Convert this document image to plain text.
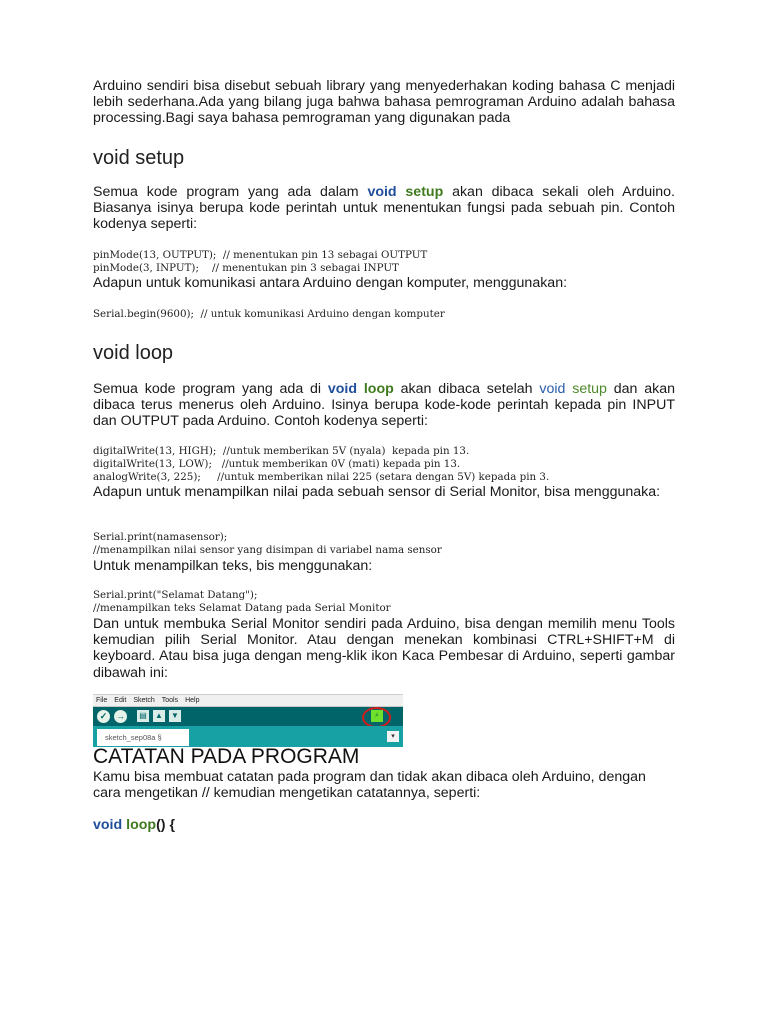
Arduino sendiri bisa disebut sebuah library yang menyederhakan koding bahasa C menjadi lebih sederhana.Ada yang bilang juga bahwa bahasa pemrograman Arduino adalah bahasa processing.Bagi saya bahasa pemrograman yang digunakan pada

void setup

Semua kode program yang ada dalam void setup akan dibaca sekali oleh Arduino. Biasanya isinya berupa kode perintah untuk menentukan fungsi pada sebuah pin. Contoh kodenya seperti:

pinMode(13, OUTPUT);  // menentukan pin 13 sebagai OUTPUT
pinMode(3, INPUT);    // menentukan pin 3 sebagai INPUT

Adapun untuk komunikasi antara Arduino dengan komputer, menggunakan:

Serial.begin(9600);  // untuk komunikasi Arduino dengan komputer
void loop

Semua kode program yang ada di void loop akan dibaca setelah void setup dan akan dibaca terus menerus oleh Arduino. Isinya berupa kode-kode perintah kepada pin INPUT dan OUTPUT pada Arduino. Contoh kodenya seperti:

digitalWrite(13, HIGH);  //untuk memberikan 5V (nyala)  kepada pin 13.
digitalWrite(13, LOW);   //untuk memberikan 0V (mati) kepada pin 13.
analogWrite(3, 225);     //untuk memberikan nilai 225 (setara dengan 5V) kepada pin 3.

Adapun untuk menampilkan nilai pada sebuah sensor di Serial Monitor, bisa menggunaka:

Serial.print(namasensor);
//menampilkan nilai sensor yang disimpan di variabel nama sensor

Untuk menampilkan teks, bis menggunakan:

Serial.print("Selamat Datang");
//menampilkan teks Selamat Datang pada Serial Monitor

Dan untuk membuka Serial Monitor sendiri pada Arduino, bisa dengan memilih menu Tools kemudian pilih Serial Monitor. Atau dengan menekan kombinasi CTRL+SHIFT+M di keyboard. Atau bisa juga dengan meng-klik ikon Kaca Pembesar di Arduino, seperti gambar dibawah ini:

File Edit Sketch Tools Help
✓ → ▤ ▲ ▼	⌕
sketch_sep08a §	▾
CATATAN PADA PROGRAM

Kamu bisa membuat catatan pada program dan tidak akan dibaca oleh Arduino, dengan cara mengetikan // kemudian mengetikan catatannya, seperti:

void loop() {
